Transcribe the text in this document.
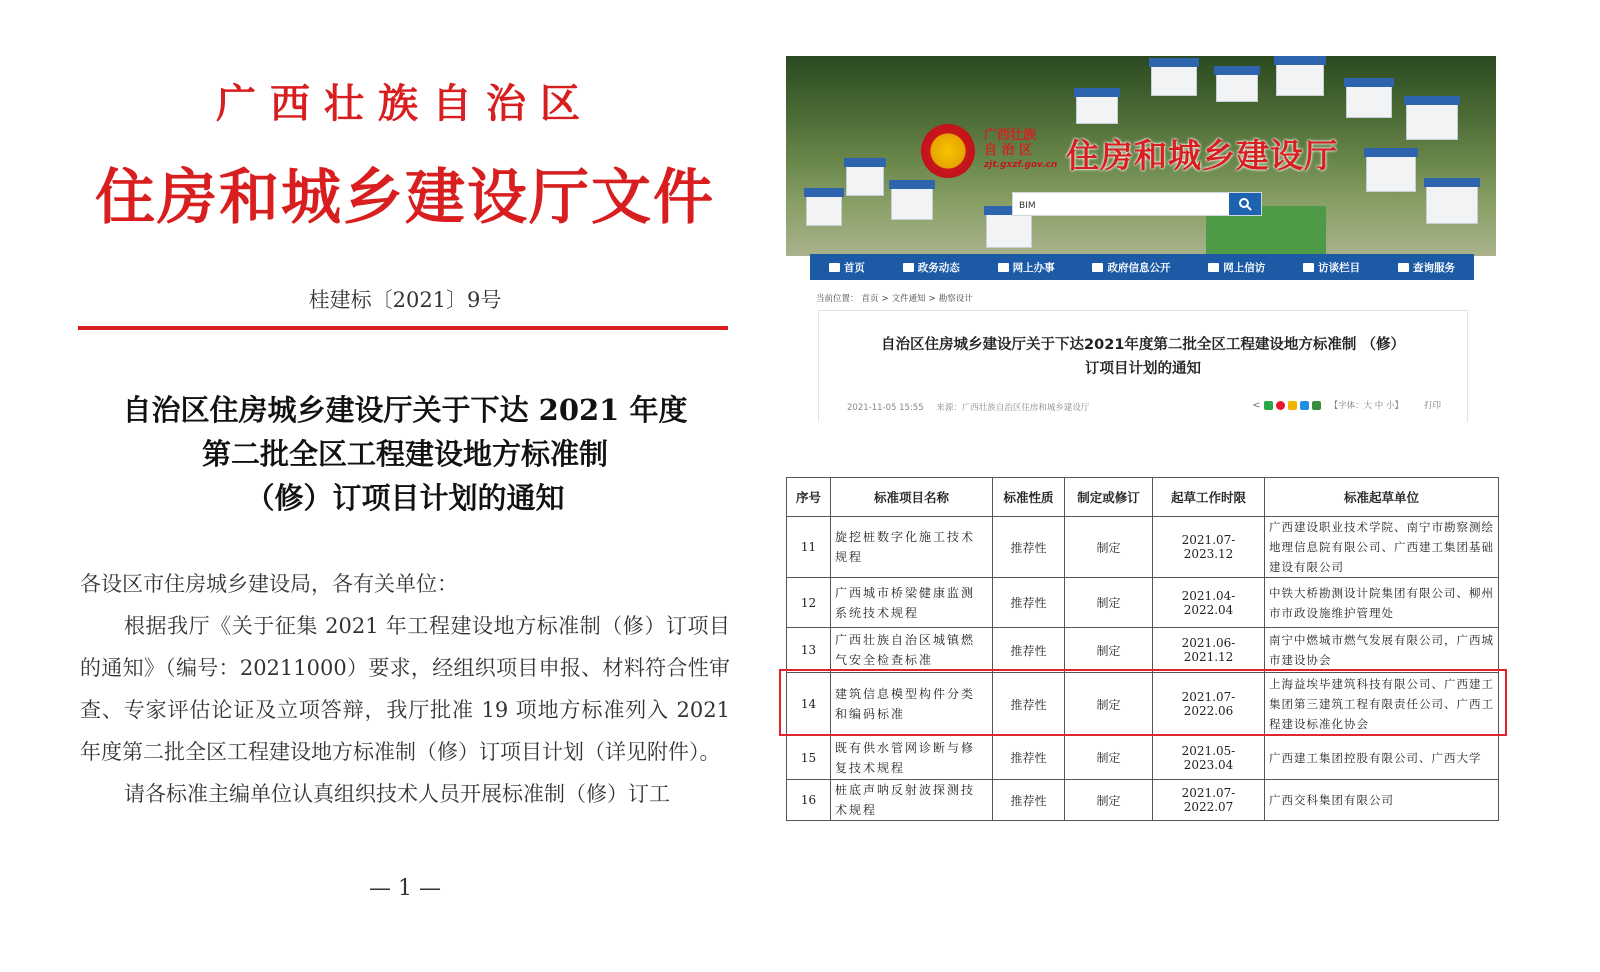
广西壮族自治区
住房和城乡建设厅文件
桂建标〔2021〕9号
自治区住房城乡建设厅关于下达 2021 年度
第二批全区工程建设地方标准制
（修）订项目计划的通知

各设区市住房城乡建设局，各有关单位：

根据我厅《关于征集 2021 年工程建设地方标准制（修）订项目的通知》（编号：20211000）要求，经组织项目申报、材料符合性审查、专家评估论证及立项答辩，我厅批准 19 项地方标准列入 2021 年度第二批全区工程建设地方标准制（修）订项目计划（详见附件）。

请各标准主编单位认真组织技术人员开展标准制（修）订工

— 1 —
广西壮族
自 治 区
zjt.gxzf.gov.cn 住房和城乡建设厅
BIM
首页	政务动态	网上办事	政府信息公开	网上信访	访谈栏目	查询服务
当前位置： 首页 > 文件通知 > 勘察设计
自治区住房城乡建设厅关于下达2021年度第二批全区工程建设地方标准制 （修）
订项目计划的通知
2021-11-05 15:55 来源：广西壮族自治区住房和城乡建设厅	<	【字体：大 中 小】 打印
序号	标准项目名称	标准性质	制定或修订	起草工作时限	标准起草单位
11	旋挖桩数字化施工技术规程	推荐性	制定	2021.07-2023.12	广西建设职业技术学院、南宁市勘察测绘地理信息院有限公司、广西建工集团基础建设有限公司
12	广西城市桥梁健康监测系统技术规程	推荐性	制定	2021.04-2022.04	中铁大桥勘测设计院集团有限公司、柳州市市政设施维护管理处
13	广西壮族自治区城镇燃气安全检查标准	推荐性	制定	2021.06-2021.12	南宁中燃城市燃气发展有限公司，广西城市建设协会
14	建筑信息模型构件分类和编码标准	推荐性	制定	2021.07-2022.06	上海益埃毕建筑科技有限公司、广西建工集团第三建筑工程有限责任公司、广西工程建设标准化协会
15	既有供水管网诊断与修复技术规程	推荐性	制定	2021.05-2023.04	广西建工集团控股有限公司、广西大学
16	桩底声呐反射波探测技术规程	推荐性	制定	2021.07-2022.07	广西交科集团有限公司
